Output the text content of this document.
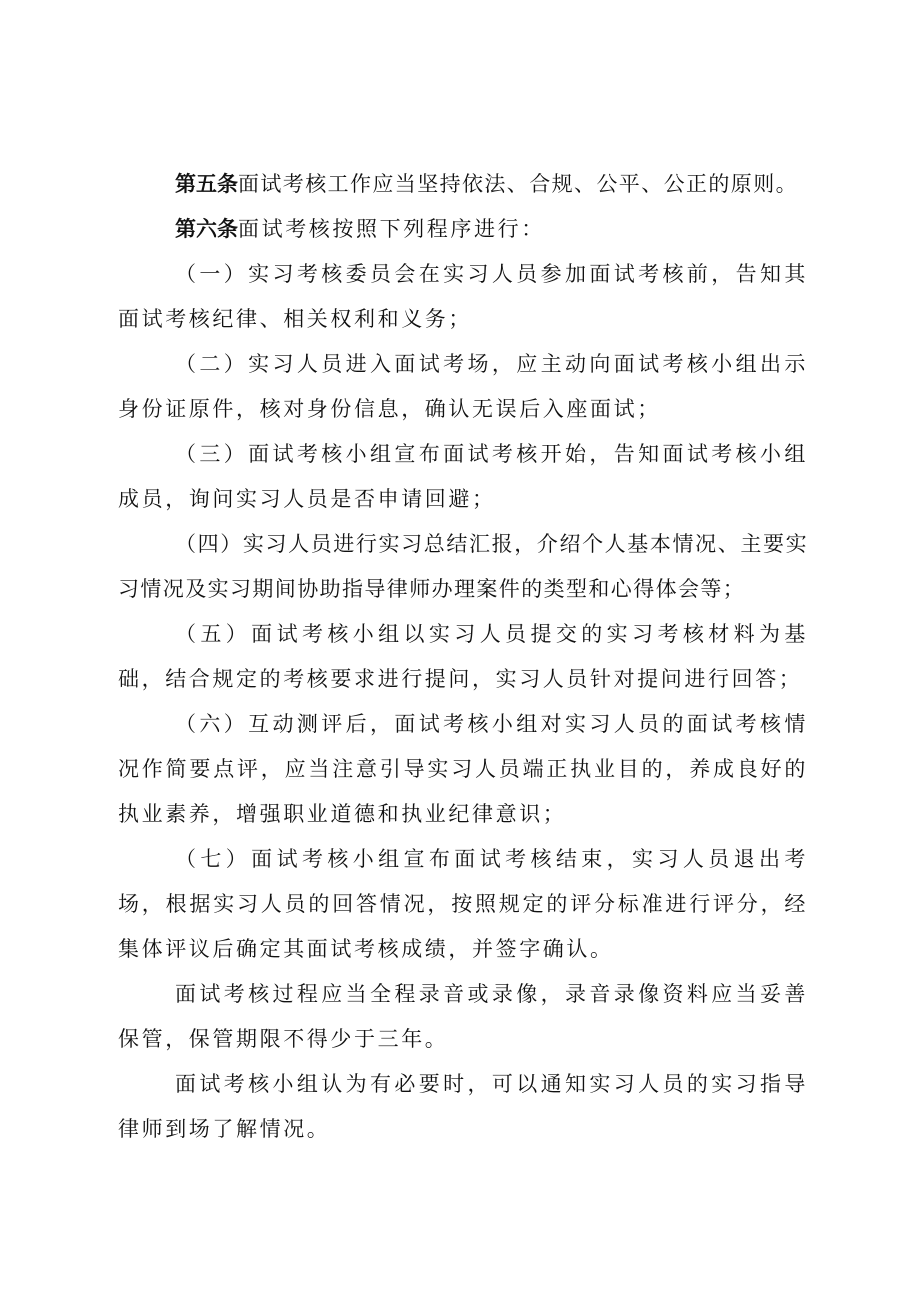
第五条面试考核工作应当坚持依法、合规、公平、公正的原则。

第六条面试考核按照下列程序进行：

（一）实习考核委员会在实习人员参加面试考核前，告知其面试考核纪律、相关权利和义务；

（二）实习人员进入面试考场，应主动向面试考核小组出示身份证原件，核对身份信息，确认无误后入座面试；

（三）面试考核小组宣布面试考核开始，告知面试考核小组成员，询问实习人员是否申请回避；

（四）实习人员进行实习总结汇报，介绍个人基本情况、主要实习情况及实习期间协助指导律师办理案件的类型和心得体会等；

（五）面试考核小组以实习人员提交的实习考核材料为基础，结合规定的考核要求进行提问，实习人员针对提问进行回答；

（六）互动测评后，面试考核小组对实习人员的面试考核情况作简要点评，应当注意引导实习人员端正执业目的，养成良好的执业素养，增强职业道德和执业纪律意识；

（七）面试考核小组宣布面试考核结束，实习人员退出考场，根据实习人员的回答情况，按照规定的评分标准进行评分，经集体评议后确定其面试考核成绩，并签字确认。

面试考核过程应当全程录音或录像，录音录像资料应当妥善保管，保管期限不得少于三年。

面试考核小组认为有必要时，可以通知实习人员的实习指导律师到场了解情况。
